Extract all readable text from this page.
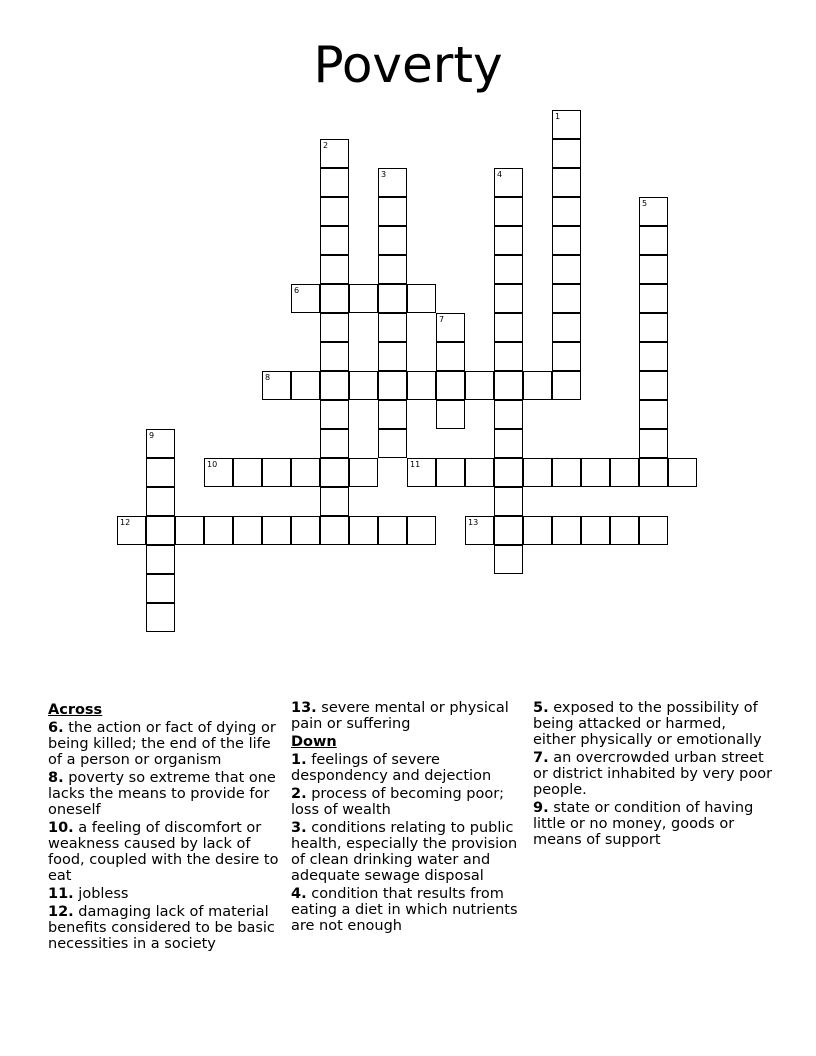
Poverty
1
2
3	4
5
6
7
8
9
10	11
12	13
Across
6. the action or fact of dying or being killed; the end of the life of a person or organism
8. poverty so extreme that one lacks the means to provide for oneself
10. a feeling of discomfort or weakness caused by lack of food, coupled with the desire to eat
11. jobless
12. damaging lack of material benefits considered to be basic necessities in a society
13. severe mental or physical pain or suffering
Down
1. feelings of severe despondency and dejection
2. process of becoming poor; loss of wealth
3. conditions relating to public health, especially the provision of clean drinking water and adequate sewage disposal
4. condition that results from eating a diet in which nutrients are not enough
5. exposed to the possibility of being attacked or harmed, either physically or emotionally
7. an overcrowded urban street or district inhabited by very poor people.
9. state or condition of having little or no money, goods or means of support
